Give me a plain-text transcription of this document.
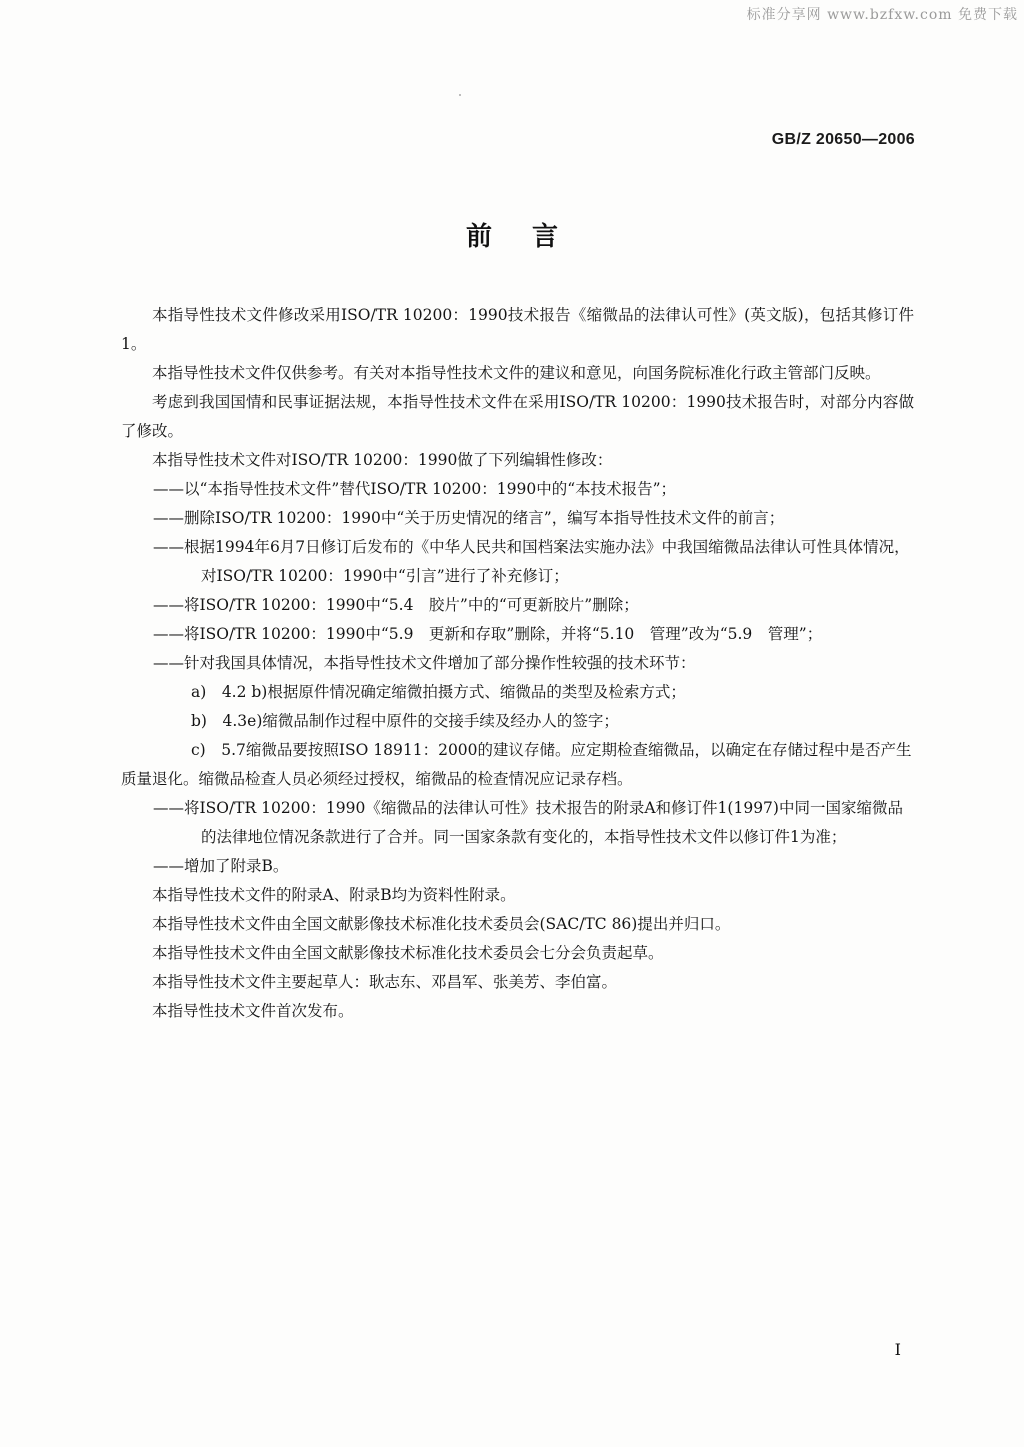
标准分享网 www.bzfxw.com 免费下载
GB/Z 20650—2006
前言

本指导性技术文件修改采用ISO/TR 10200：1990技术报告《缩微品的法律认可性》(英文版)，包括其修订件1。

本指导性技术文件仅供参考。有关对本指导性技术文件的建议和意见，向国务院标准化行政主管部门反映。

考虑到我国国情和民事证据法规，本指导性技术文件在采用ISO/TR 10200：1990技术报告时，对部分内容做了修改。

本指导性技术文件对ISO/TR 10200：1990做了下列编辑性修改：

——以“本指导性技术文件”替代ISO/TR 10200：1990中的“本技术报告”；

——删除ISO/TR 10200：1990中“关于历史情况的绪言”，编写本指导性技术文件的前言；

——根据1994年6月7日修订后发布的《中华人民共和国档案法实施办法》中我国缩微品法律认可性具体情况，对ISO/TR 10200：1990中“引言”进行了补充修订；

——将ISO/TR 10200：1990中“5.4　胶片”中的“可更新胶片”删除；

——将ISO/TR 10200：1990中“5.9　更新和存取”删除，并将“5.10　管理”改为“5.9　管理”；

——针对我国具体情况，本指导性技术文件增加了部分操作性较强的技术环节：

a)　 4.2 b)根据原件情况确定缩微拍摄方式、缩微品的类型及检索方式；

b)　 4.3e)缩微品制作过程中原件的交接手续及经办人的签字；

c)　 5.7缩微品要按照ISO 18911：2000的建议存储。应定期检查缩微品，以确定在存储过程中是否产生质量退化。缩微品检查人员必须经过授权，缩微品的检查情况应记录存档。

——将ISO/TR 10200：1990《缩微品的法律认可性》技术报告的附录A和修订件1(1997)中同一国家缩微品的法律地位情况条款进行了合并。同一国家条款有变化的，本指导性技术文件以修订件1为准；

——增加了附录B。

本指导性技术文件的附录A、附录B均为资料性附录。

本指导性技术文件由全国文献影像技术标准化技术委员会(SAC/TC 86)提出并归口。

本指导性技术文件由全国文献影像技术标准化技术委员会七分会负责起草。

本指导性技术文件主要起草人：耿志东、邓昌军、张美芳、李伯富。

本指导性技术文件首次发布。

I
